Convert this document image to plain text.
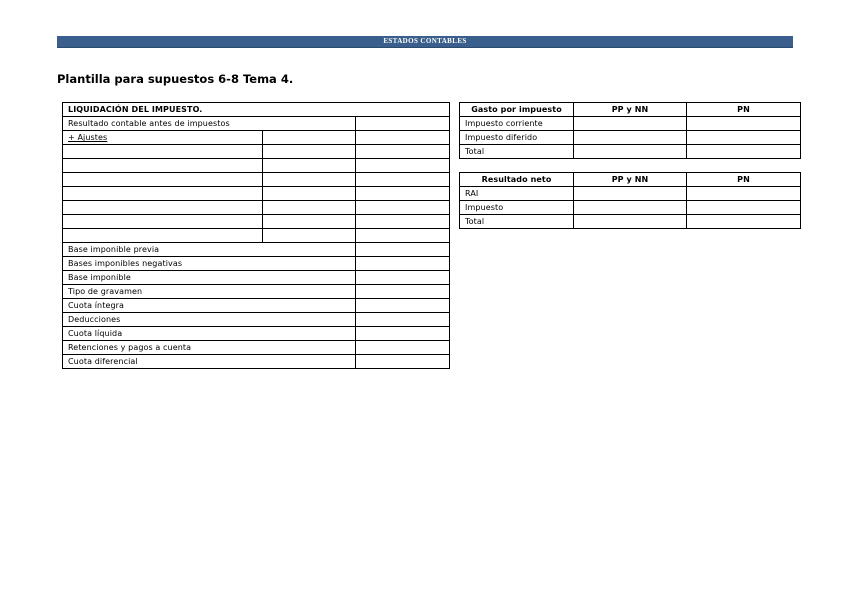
ESTADOS CONTABLES
Plantilla para supuestos 6-8 Tema 4.
LIQUIDACIÓN DEL IMPUESTO.		
Resultado contable antes de impuestos		
+ Ajustes		

Base imponible previa		
Bases imponibles negativas		
Base imponible		
Tipo de gravamen		
Cuota íntegra		
Deducciones		
Cuota líquida		
Retenciones y pagos a cuenta		
Cuota diferencial		
Gasto por impuesto	PP y NN	PN
Impuesto corriente		
Impuesto diferido		
Total		
Resultado neto	PP y NN	PN
RAI		
Impuesto		
Total		
